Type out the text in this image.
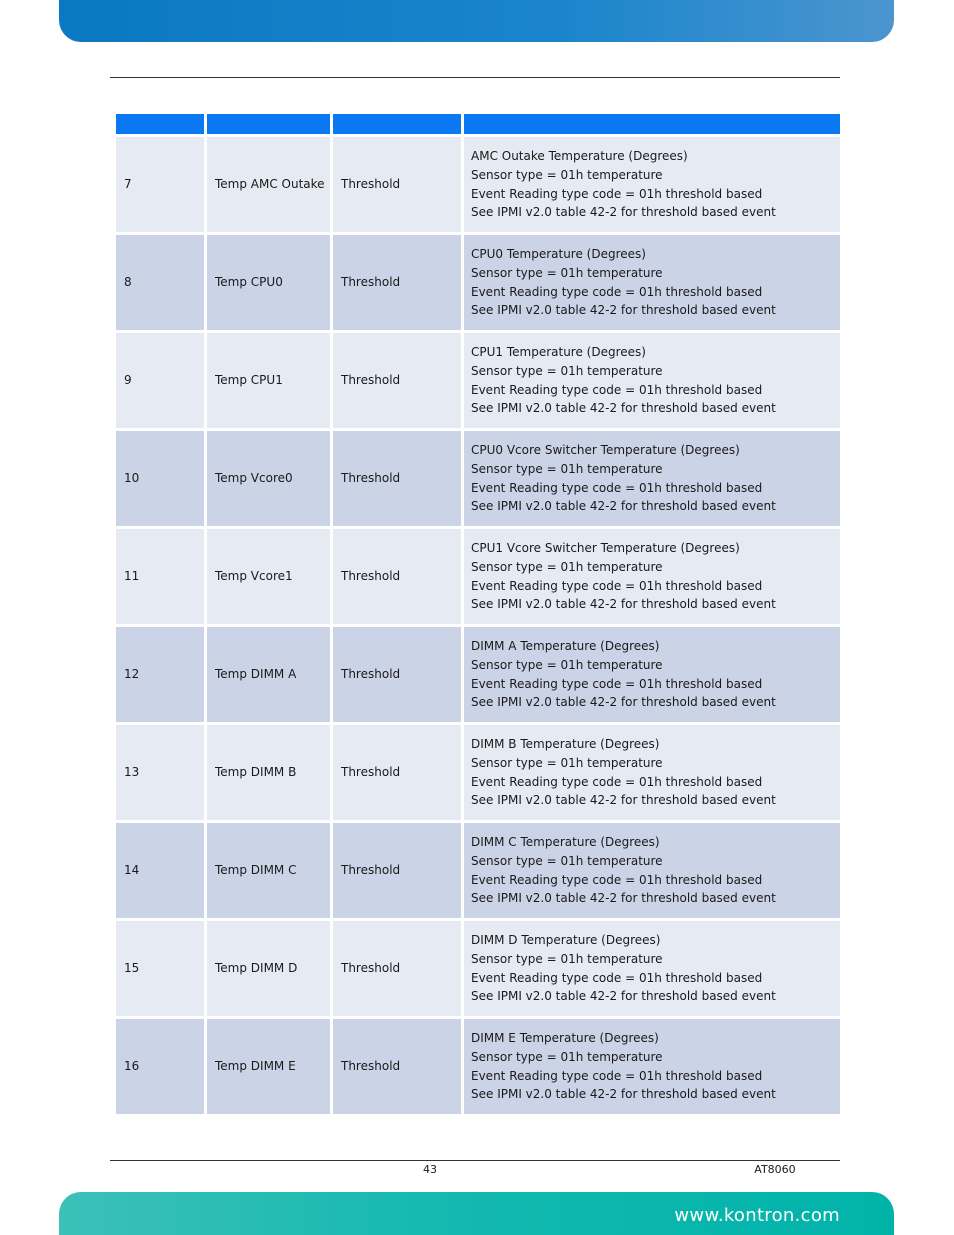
7	Temp AMC Outake	Threshold	AMC Outake Temperature (Degrees)
Sensor type = 01h temperature
Event Reading type code = 01h threshold based
See IPMI v2.0 table 42-2 for threshold based event

8	Temp CPU0	Threshold	CPU0 Temperature (Degrees)
Sensor type = 01h temperature
Event Reading type code = 01h threshold based
See IPMI v2.0 table 42-2 for threshold based event

9	Temp CPU1	Threshold	CPU1 Temperature (Degrees)
Sensor type = 01h temperature
Event Reading type code = 01h threshold based
See IPMI v2.0 table 42-2 for threshold based event

10	Temp Vcore0	Threshold	CPU0 Vcore Switcher Temperature (Degrees)
Sensor type = 01h temperature
Event Reading type code = 01h threshold based
See IPMI v2.0 table 42-2 for threshold based event

11	Temp Vcore1	Threshold	CPU1 Vcore Switcher Temperature (Degrees)
Sensor type = 01h temperature
Event Reading type code = 01h threshold based
See IPMI v2.0 table 42-2 for threshold based event

12	Temp DIMM A	Threshold	DIMM A Temperature (Degrees)
Sensor type = 01h temperature
Event Reading type code = 01h threshold based
See IPMI v2.0 table 42-2 for threshold based event

13	Temp DIMM B	Threshold	DIMM B Temperature (Degrees)
Sensor type = 01h temperature
Event Reading type code = 01h threshold based
See IPMI v2.0 table 42-2 for threshold based event

14	Temp DIMM C	Threshold	DIMM C Temperature (Degrees)
Sensor type = 01h temperature
Event Reading type code = 01h threshold based
See IPMI v2.0 table 42-2 for threshold based event

15	Temp DIMM D	Threshold	DIMM D Temperature (Degrees)
Sensor type = 01h temperature
Event Reading type code = 01h threshold based
See IPMI v2.0 table 42-2 for threshold based event

16	Temp DIMM E	Threshold	DIMM E Temperature (Degrees)
Sensor type = 01h temperature
Event Reading type code = 01h threshold based
See IPMI v2.0 table 42-2 for threshold based event
43	AT8060
www.kontron.com
